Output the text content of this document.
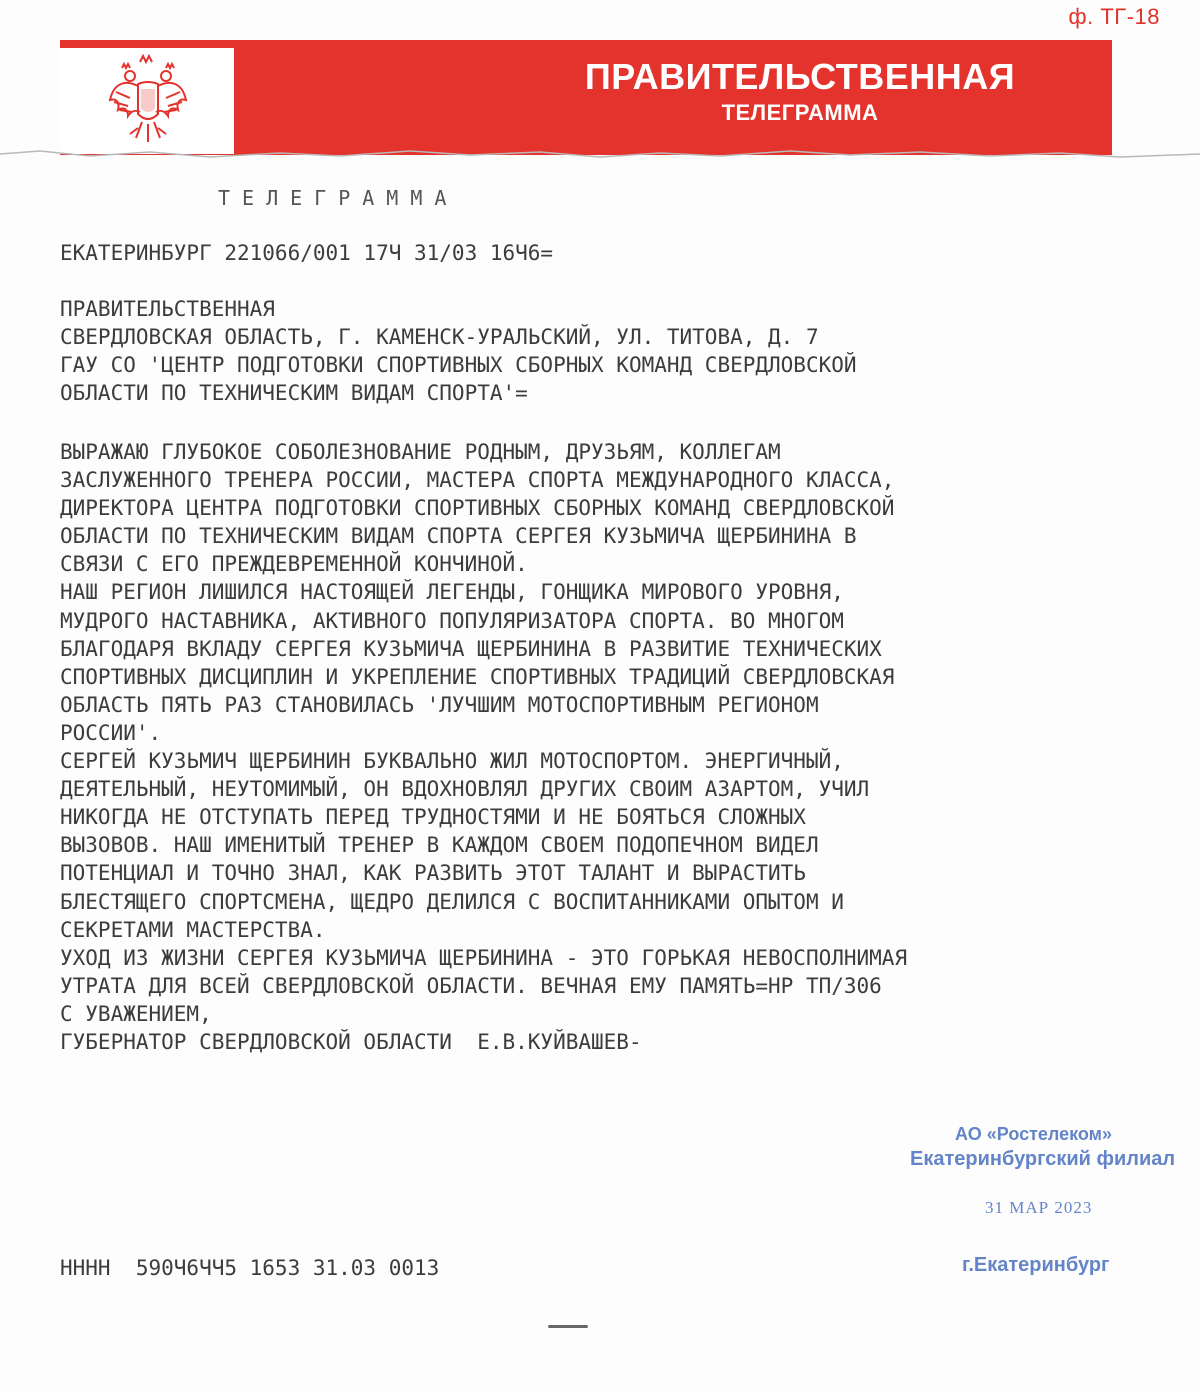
ф. ТГ-18
ПРАВИТЕЛЬСТВЕННАЯ
ТЕЛЕГРАММА
ТЕЛЕГРАММА
ЕКАТЕРИНБУРГ 221066/001 17Ч 31/03 16Ч6=
ПРАВИТЕЛЬСТВЕННАЯ
СВЕРДЛОВСКАЯ ОБЛАСТЬ, Г. КАМЕНСК-УРАЛЬСКИЙ, УЛ. ТИТОВА, Д. 7
ГАУ СО 'ЦЕНТР ПОДГОТОВКИ СПОРТИВНЫХ СБОРНЫХ КОМАНД СВЕРДЛОВСКОЙ
ОБЛАСТИ ПО ТЕХНИЧЕСКИМ ВИДАМ СПОРТА'=
ВЫРАЖАЮ ГЛУБОКОЕ СОБОЛЕЗНОВАНИЕ РОДНЫМ, ДРУЗЬЯМ, КОЛЛЕГАМ
ЗАСЛУЖЕННОГО ТРЕНЕРА РОССИИ, МАСТЕРА СПОРТА МЕЖДУНАРОДНОГО КЛАССА,
ДИРЕКТОРА ЦЕНТРА ПОДГОТОВКИ СПОРТИВНЫХ СБОРНЫХ КОМАНД СВЕРДЛОВСКОЙ
ОБЛАСТИ ПО ТЕХНИЧЕСКИМ ВИДАМ СПОРТА СЕРГЕЯ КУЗЬМИЧА ЩЕРБИНИНА В
СВЯЗИ С ЕГО ПРЕЖДЕВРЕМЕННОЙ КОНЧИНОЙ.
НАШ РЕГИОН ЛИШИЛСЯ НАСТОЯЩЕЙ ЛЕГЕНДЫ, ГОНЩИКА МИРОВОГО УРОВНЯ,
МУДРОГО НАСТАВНИКА, АКТИВНОГО ПОПУЛЯРИЗАТОРА СПОРТА. ВО МНОГОМ
БЛАГОДАРЯ ВКЛАДУ СЕРГЕЯ КУЗЬМИЧА ЩЕРБИНИНА В РАЗВИТИЕ ТЕХНИЧЕСКИХ
СПОРТИВНЫХ ДИСЦИПЛИН И УКРЕПЛЕНИЕ СПОРТИВНЫХ ТРАДИЦИЙ СВЕРДЛОВСКАЯ
ОБЛАСТЬ ПЯТЬ РАЗ СТАНОВИЛАСЬ 'ЛУЧШИМ МОТОСПОРТИВНЫМ РЕГИОНОМ
РОССИИ'.
СЕРГЕЙ КУЗЬМИЧ ЩЕРБИНИН БУКВАЛЬНО ЖИЛ МОТОСПОРТОМ. ЭНЕРГИЧНЫЙ,
ДЕЯТЕЛЬНЫЙ, НЕУТОМИМЫЙ, ОН ВДОХНОВЛЯЛ ДРУГИХ СВОИМ АЗАРТОМ, УЧИЛ
НИКОГДА НЕ ОТСТУПАТЬ ПЕРЕД ТРУДНОСТЯМИ И НЕ БОЯТЬСЯ СЛОЖНЫХ
ВЫЗОВОВ. НАШ ИМЕНИТЫЙ ТРЕНЕР В КАЖДОМ СВОЕМ ПОДОПЕЧНОМ ВИДЕЛ
ПОТЕНЦИАЛ И ТОЧНО ЗНАЛ, КАК РАЗВИТЬ ЭТОТ ТАЛАНТ И ВЫРАСТИТЬ
БЛЕСТЯЩЕГО СПОРТСМЕНА, ЩЕДРО ДЕЛИЛСЯ С ВОСПИТАННИКАМИ ОПЫТОМ И
СЕКРЕТАМИ МАСТЕРСТВА.
УХОД ИЗ ЖИЗНИ СЕРГЕЯ КУЗЬМИЧА ЩЕРБИНИНА - ЭТО ГОРЬКАЯ НЕВОСПОЛНИМАЯ
УТРАТА ДЛЯ ВСЕЙ СВЕРДЛОВСКОЙ ОБЛАСТИ. ВЕЧНАЯ ЕМУ ПАМЯТЬ=НР ТП/306
С УВАЖЕНИЕМ,
ГУБЕРНАТОР СВЕРДЛОВСКОЙ ОБЛАСТИ  Е.В.КУЙВАШЕВ-
АО «Ростелеком»
Екатеринбургский филиал
31 МАР 2023
г.Екатеринбург
НННН  590Ч6ЧЧ5 1653 31.03 0013
